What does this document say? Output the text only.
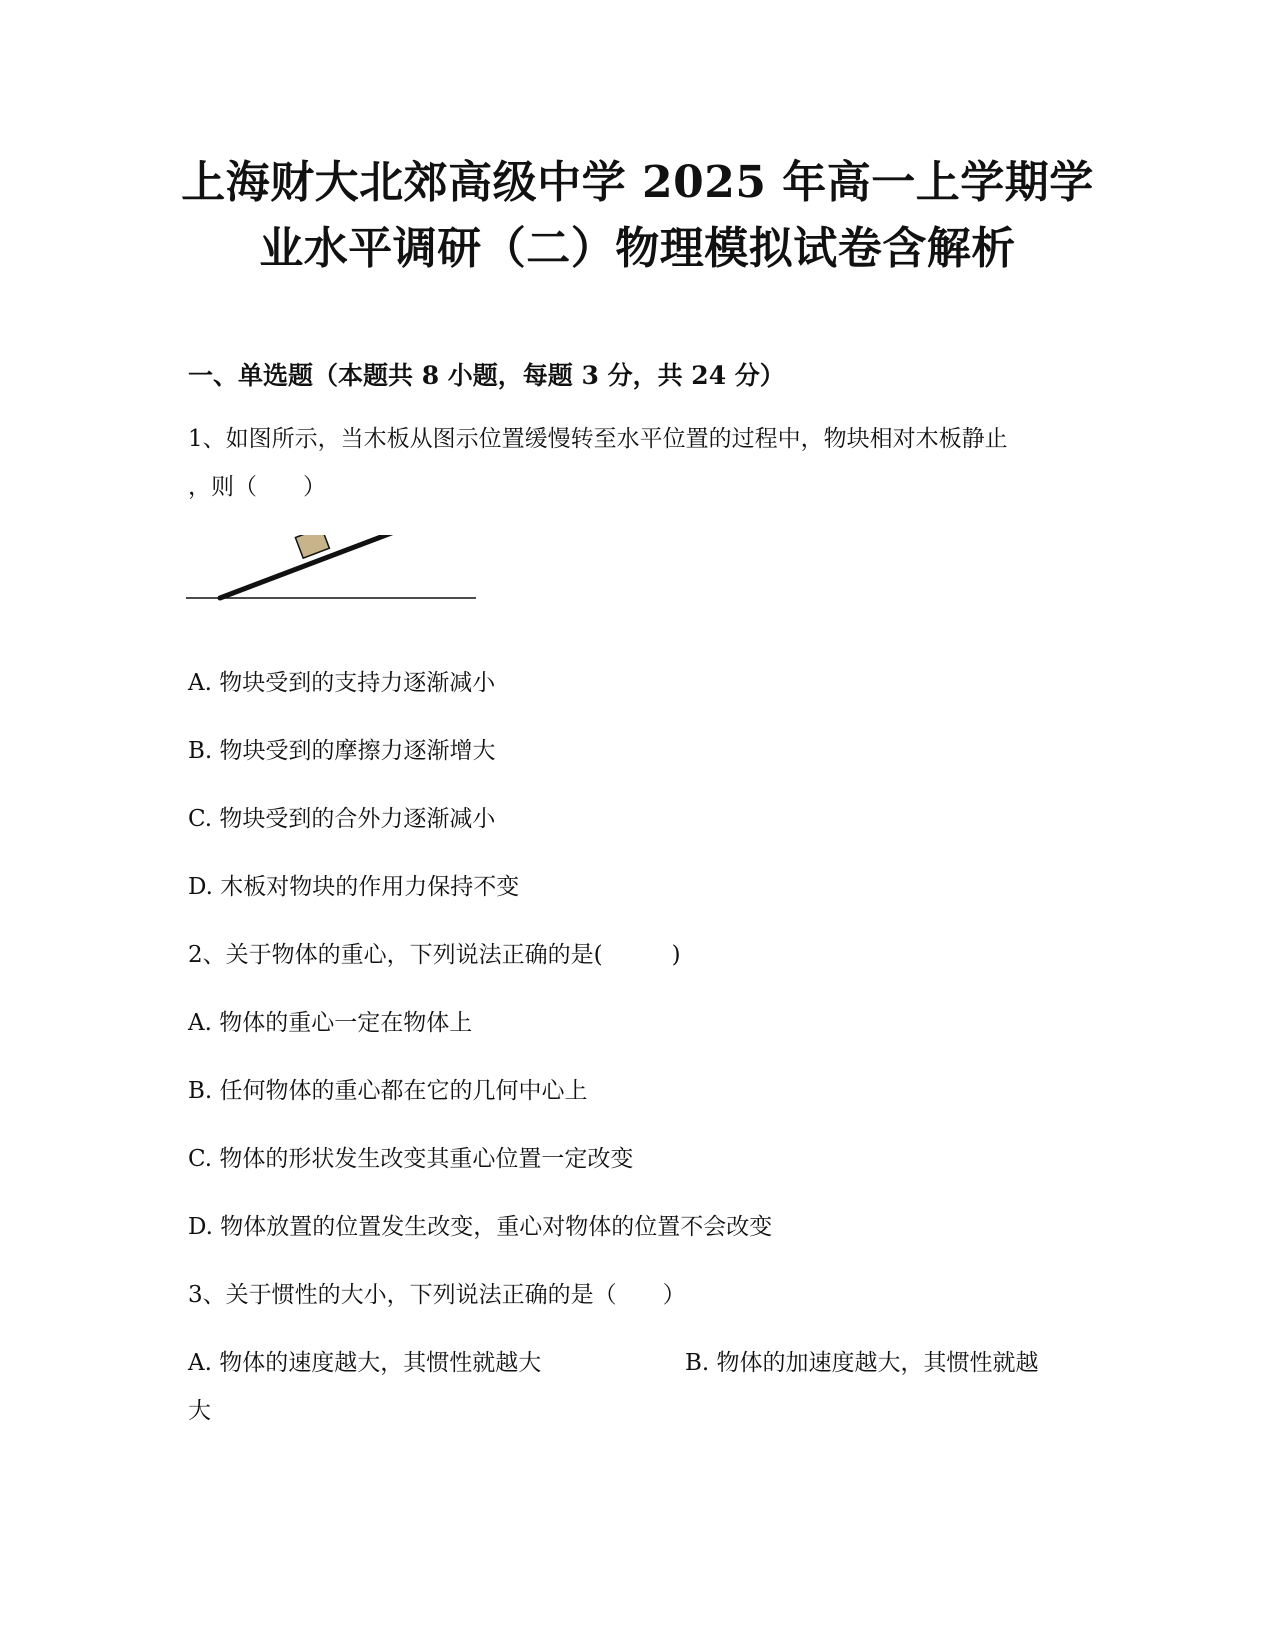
上海财大北郊高级中学 2025 年高一上学期学
业水平调研（二）物理模拟试卷含解析
一、单选题（本题共 8 小题，每题 3 分，共 24 分）
1、如图所示，当木板从图示位置缓慢转至水平位置的过程中，物块相对木板静止
，则（　　）
A. 物块受到的支持力逐渐减小
B. 物块受到的摩擦力逐渐增大
C. 物块受到的合外力逐渐减小
D. 木板对物块的作用力保持不变
2、关于物体的重心，下列说法正确的是(　　　)
A. 物体的重心一定在物体上
B. 任何物体的重心都在它的几何中心上
C. 物体的形状发生改变其重心位置一定改变
D. 物体放置的位置发生改变，重心对物体的位置不会改变
3、关于惯性的大小，下列说法正确的是（　　）
A. 物体的速度越大，其惯性就越大	B. 物体的加速度越大，其惯性就越
大
